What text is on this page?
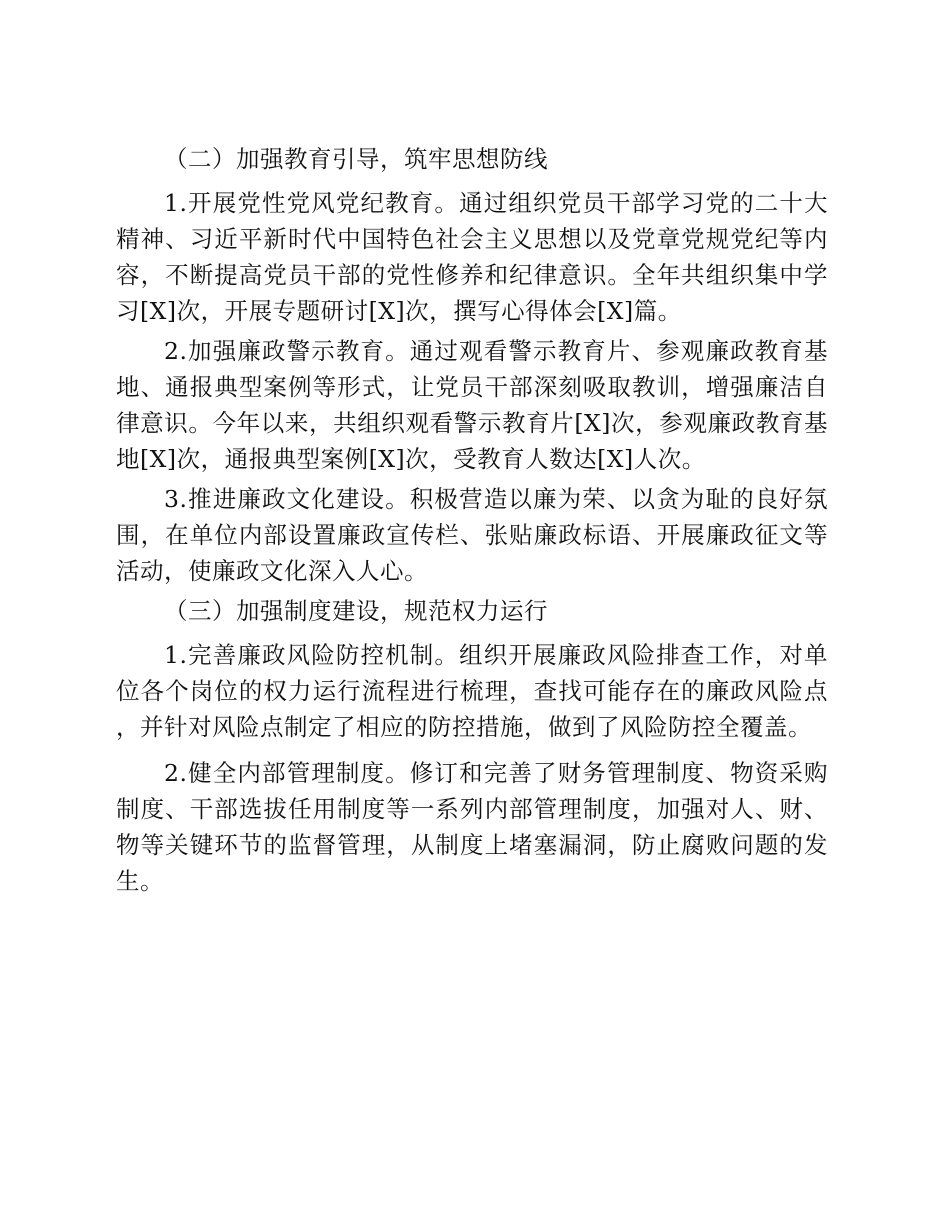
（二）加强教育引导，筑牢思想防线

1.开展党性党风党纪教育。通过组织党员干部学习党的二十大精神、习近平新时代中国特色社会主义思想以及党章党规党纪等内容，不断提高党员干部的党性修养和纪律意识。全年共组织集中学习[X]次，开展专题研讨[X]次，撰写心得体会[X]篇。

2.加强廉政警示教育。通过观看警示教育片、参观廉政教育基地、通报典型案例等形式，让党员干部深刻吸取教训，增强廉洁自律意识。今年以来，共组织观看警示教育片[X]次，参观廉政教育基地[X]次，通报典型案例[X]次，受教育人数达[X]人次。

3.推进廉政文化建设。积极营造以廉为荣、以贪为耻的良好氛围，在单位内部设置廉政宣传栏、张贴廉政标语、开展廉政征文等活动，使廉政文化深入人心。

（三）加强制度建设，规范权力运行

1.完善廉政风险防控机制。组织开展廉政风险排查工作，对单位各个岗位的权力运行流程进行梳理，查找可能存在的廉政风险点，并针对风险点制定了相应的防控措施，做到了风险防控全覆盖。

2.健全内部管理制度。修订和完善了财务管理制度、物资采购制度、干部选拔任用制度等一系列内部管理制度，加强对人、财、物等关键环节的监督管理，从制度上堵塞漏洞，防止腐败问题的发生。
